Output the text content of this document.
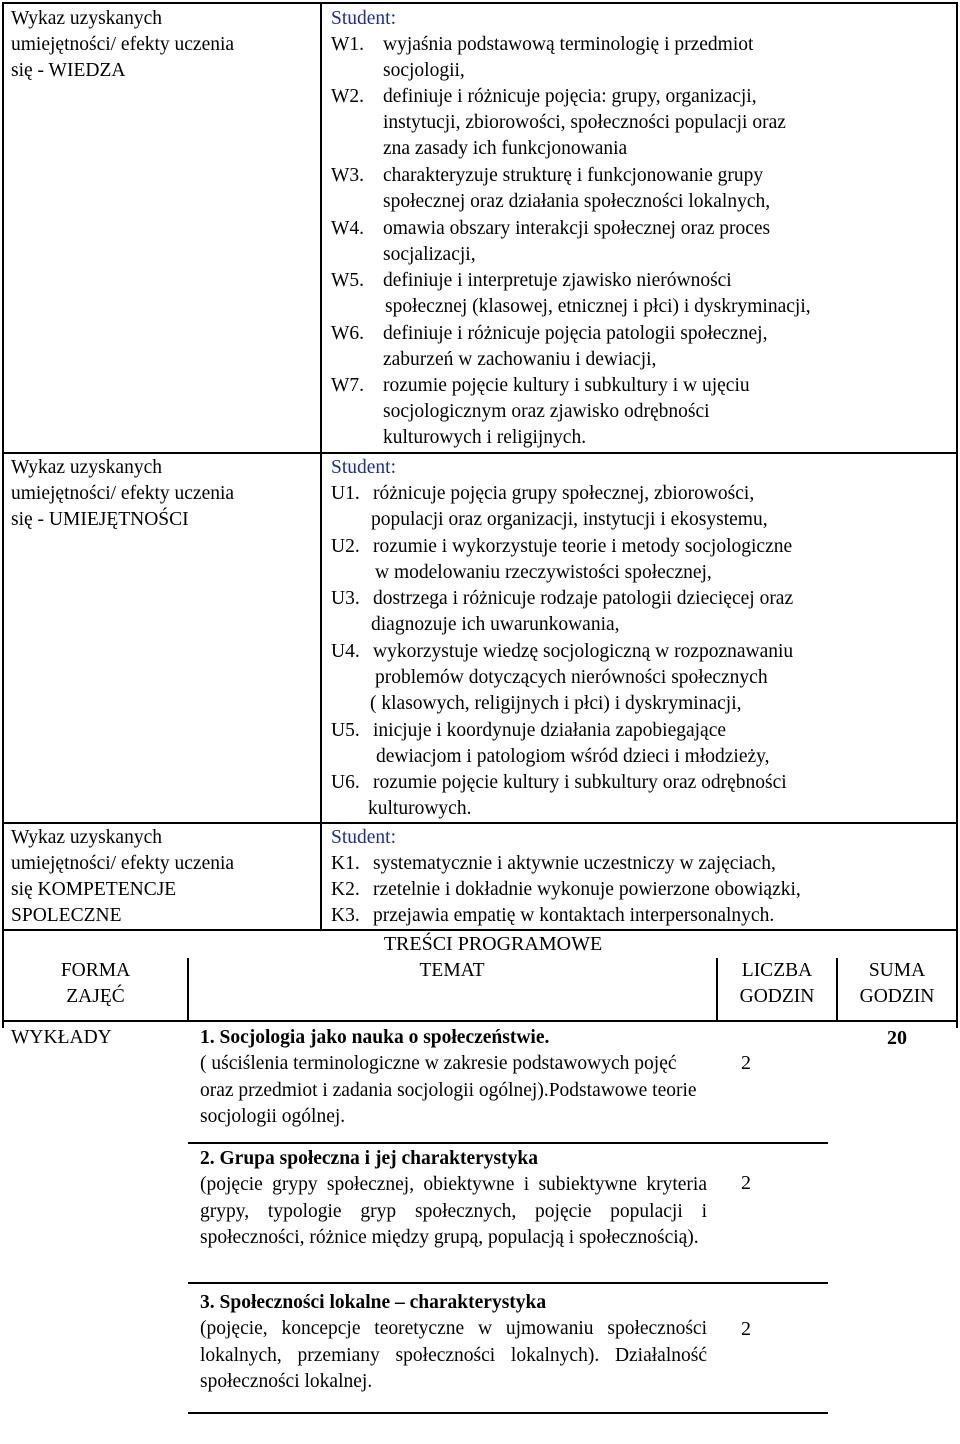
Wykaz uzyskanych
umiejętności/ efekty uczenia
się - WIEDZA
Student:
W1. wyjaśnia podstawową terminologię i przedmiot
socjologii,
W2. definiuje i różnicuje pojęcia: grupy, organizacji,
instytucji, zbiorowości, społeczności populacji oraz
zna zasady ich funkcjonowania
W3. charakteryzuje strukturę i funkcjonowanie grupy
społecznej oraz działania społeczności lokalnych,
W4. omawia obszary interakcji społecznej oraz proces
socjalizacji,
W5. definiuje i interpretuje zjawisko nierówności
społecznej (klasowej, etnicznej i płci) i dyskryminacji,
W6. definiuje i różnicuje pojęcia patologii społecznej,
zaburzeń w zachowaniu i dewiacji,
W7. rozumie pojęcie kultury i subkultury i w ujęciu
socjologicznym oraz zjawisko odrębności
kulturowych i religijnych.
Wykaz uzyskanych
umiejętności/ efekty uczenia
się - UMIEJĘTNOŚCI
Student:
U1. różnicuje pojęcia grupy społecznej, zbiorowości,
populacji oraz organizacji, instytucji i ekosystemu,
U2. rozumie i wykorzystuje teorie i metody socjologiczne
w modelowaniu rzeczywistości społecznej,
U3. dostrzega i różnicuje rodzaje patologii dziecięcej oraz
diagnozuje ich uwarunkowania,
U4. wykorzystuje wiedzę socjologiczną w rozpoznawaniu
problemów dotyczących nierówności społecznych
( klasowych, religijnych i płci) i dyskryminacji,
U5. inicjuje i koordynuje działania zapobiegające
dewiacjom i patologiom wśród dzieci i młodzieży,
U6. rozumie pojęcie kultury i subkultury oraz odrębności
kulturowych.
Wykaz uzyskanych
umiejętności/ efekty uczenia
się KOMPETENCJE
SPOLECZNE
Student:
K1. systematycznie i aktywnie uczestniczy w zajęciach,
K2. rzetelnie i dokładnie wykonuje powierzone obowiązki,
K3. przejawia empatię w kontaktach interpersonalnych.
TREŚCI PROGRAMOWE
FORMA
ZAJĘĆ
TEMAT	LICZBA
GODZIN
SUMA
GODZIN
WYKŁADY	20

1. Socjologia jako nauka o społeczeństwie.

( uściślenia terminologiczne w zakresie podstawowych pojęć oraz przedmiot i zadania socjologii ogólnej).Podstawowe teorie socjologii ogólnej.

2

2. Grupa społeczna i jej charakterystyka

(pojęcie grypy społecznej, obiektywne i subiektywne kryteria grypy, typologie gryp społecznych, pojęcie populacji i społeczności, różnice między grupą, populacją i społecznością).

2

3. Społeczności lokalne – charakterystyka

(pojęcie, koncepcje teoretyczne w ujmowaniu społeczności lokalnych, przemiany społeczności lokalnych). Działalność społeczności lokalnej.

2
